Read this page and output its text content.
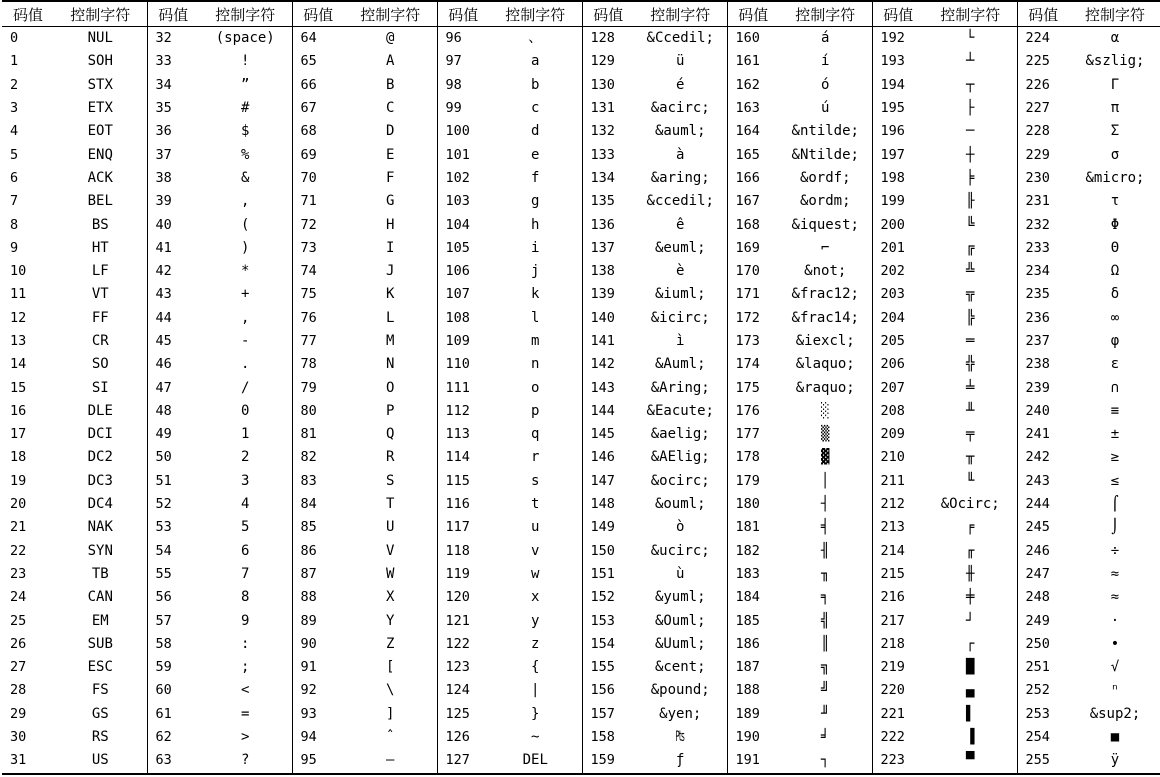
码值	控制字符	码值	控制字符	码值	控制字符	码值	控制字符	码值	控制字符	码值	控制字符	码值	控制字符	码值	控制字符
0	NUL	32	(space)	64	@	96	、	128	&Ccedil;	160	á	192	└	224	α
1	SOH	33	!	65	A	97	a	129	ü	161	í	193	┴	225	&szlig;
2	STX	34	”	66	B	98	b	130	é	162	ó	194	┬	226	Γ
3	ETX	35	#	67	C	99	c	131	&acirc;	163	ú	195	├	227	π
4	EOT	36	$	68	D	100	d	132	&auml;	164	&ntilde;	196	─	228	Σ
5	ENQ	37	%	69	E	101	e	133	à	165	&Ntilde;	197	┼	229	σ
6	ACK	38	&	70	F	102	f	134	&aring;	166	&ordf;	198	╞	230	&micro;
7	BEL	39	,	71	G	103	g	135	&ccedil;	167	&ordm;	199	╟	231	τ
8	BS	40	(	72	H	104	h	136	ê	168	&iquest;	200	╚	232	Φ
9	HT	41	)	73	I	105	i	137	&euml;	169	⌐	201	╔	233	Θ
10	LF	42	*	74	J	106	j	138	è	170	&not;	202	╩	234	Ω
11	VT	43	+	75	K	107	k	139	&iuml;	171	&frac12;	203	╦	235	δ
12	FF	44	,	76	L	108	l	140	&icirc;	172	&frac14;	204	╠	236	∞
13	CR	45	-	77	M	109	m	141	ì	173	&iexcl;	205	═	237	φ
14	SO	46	.	78	N	110	n	142	&Auml;	174	&laquo;	206	╬	238	ε
15	SI	47	/	79	O	111	o	143	&Aring;	175	&raquo;	207	╧	239	∩
16	DLE	48	0	80	P	112	p	144	&Eacute;	176	░	208	╨	240	≡
17	DCI	49	1	81	Q	113	q	145	&aelig;	177	▒	209	╤	241	±
18	DC2	50	2	82	R	114	r	146	&AElig;	178	▓	210	╥	242	≥
19	DC3	51	3	83	S	115	s	147	&ocirc;	179	│	211	╙	243	≤
20	DC4	52	4	84	T	116	t	148	&ouml;	180	┤	212	&Ocirc;	244	⌠
21	NAK	53	5	85	U	117	u	149	ò	181	╡	213	╒	245	⌡
22	SYN	54	6	86	V	118	v	150	&ucirc;	182	╢	214	╓	246	÷
23	TB	55	7	87	W	119	w	151	ù	183	╖	215	╫	247	≈
24	CAN	56	8	88	X	120	x	152	&yuml;	184	╕	216	╪	248	≈
25	EM	57	9	89	Y	121	y	153	&Ouml;	185	╣	217	┘	249	·
26	SUB	58	:	90	Z	122	z	154	&Uuml;	186	║	218	┌	250	•
27	ESC	59	;	91	[	123	{	155	&cent;	187	╗	219	█	251	√
28	FS	60	<	92	\	124	|	156	&pound;	188	╝	220	▄	252	ⁿ
29	GS	61	=	93	]	125	}	157	&yen;	189	╜	221	▌	253	&sup2;
30	RS	62	>	94	ˆ	126	~	158	₧	190	╛	222	▐	254	■
31	US	63	?	95	—	127	DEL	159	ƒ	191	┐	223	▀	255	ÿ
